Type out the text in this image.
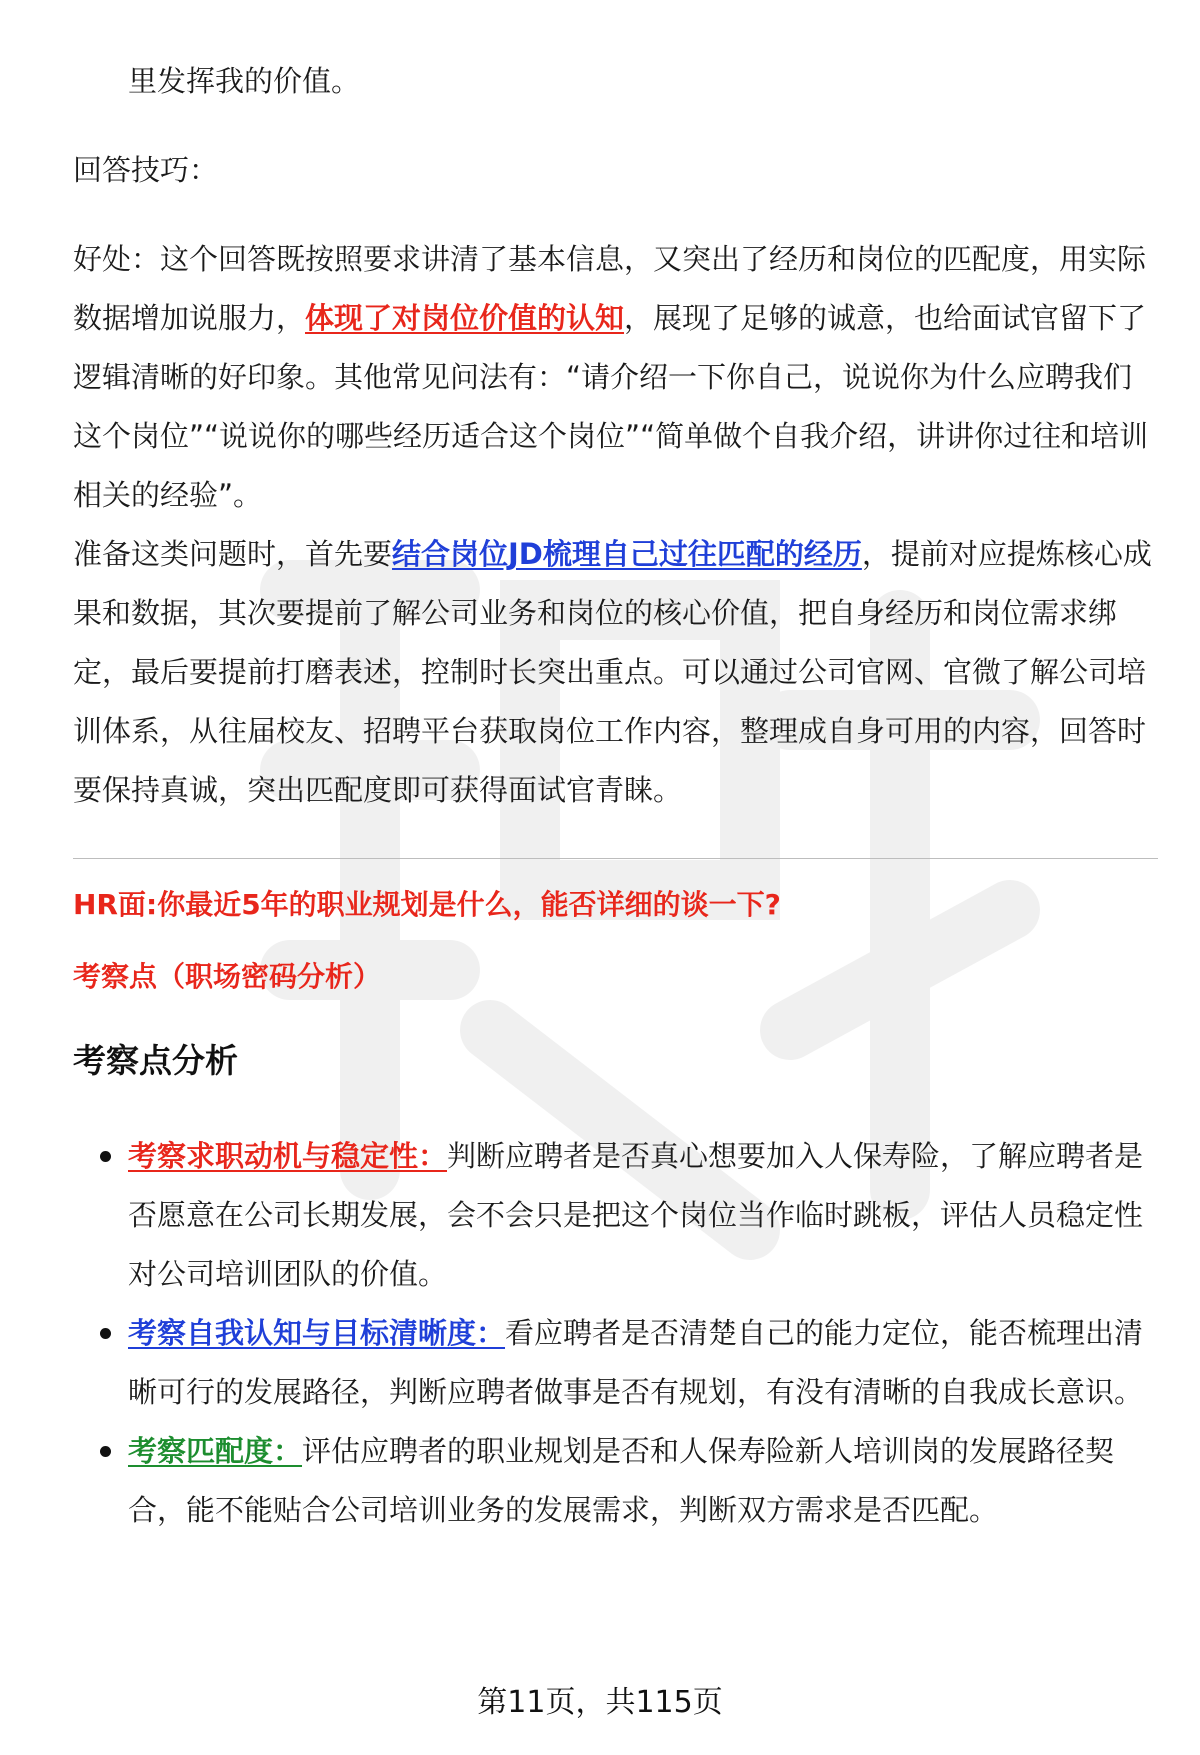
里发挥我的价值。

回答技巧：

好处：这个回答既按照要求讲清了基本信息，又突出了经历和岗位的匹配度，用实际数据增加说服力，体现了对岗位价值的认知，展现了足够的诚意，也给面试官留下了逻辑清晰的好印象。其他常见问法有：“请介绍一下你自己，说说你为什么应聘我们这个岗位”“说说你的哪些经历适合这个岗位”“简单做个自我介绍，讲讲你过往和培训相关的经验”。

准备这类问题时，首先要结合岗位JD梳理自己过往匹配的经历，提前对应提炼核心成果和数据，其次要提前了解公司业务和岗位的核心价值，把自身经历和岗位需求绑定，最后要提前打磨表述，控制时长突出重点。可以通过公司官网、官微了解公司培训体系，从往届校友、招聘平台获取岗位工作内容，整理成自身可用的内容，回答时要保持真诚，突出匹配度即可获得面试官青睐。

HR面:你最近5年的职业规划是什么，能否详细的谈一下?
考察点（职场密码分析）
考察点分析
考察求职动机与稳定性：判断应聘者是否真心想要加入人保寿险，了解应聘者是否愿意在公司长期发展，会不会只是把这个岗位当作临时跳板，评估人员稳定性对公司培训团队的价值。
考察自我认知与目标清晰度：看应聘者是否清楚自己的能力定位，能否梳理出清晰可行的发展路径，判断应聘者做事是否有规划，有没有清晰的自我成长意识。
考察匹配度：评估应聘者的职业规划是否和人保寿险新人培训岗的发展路径契合，能不能贴合公司培训业务的发展需求，判断双方需求是否匹配。
第11页，共115页
